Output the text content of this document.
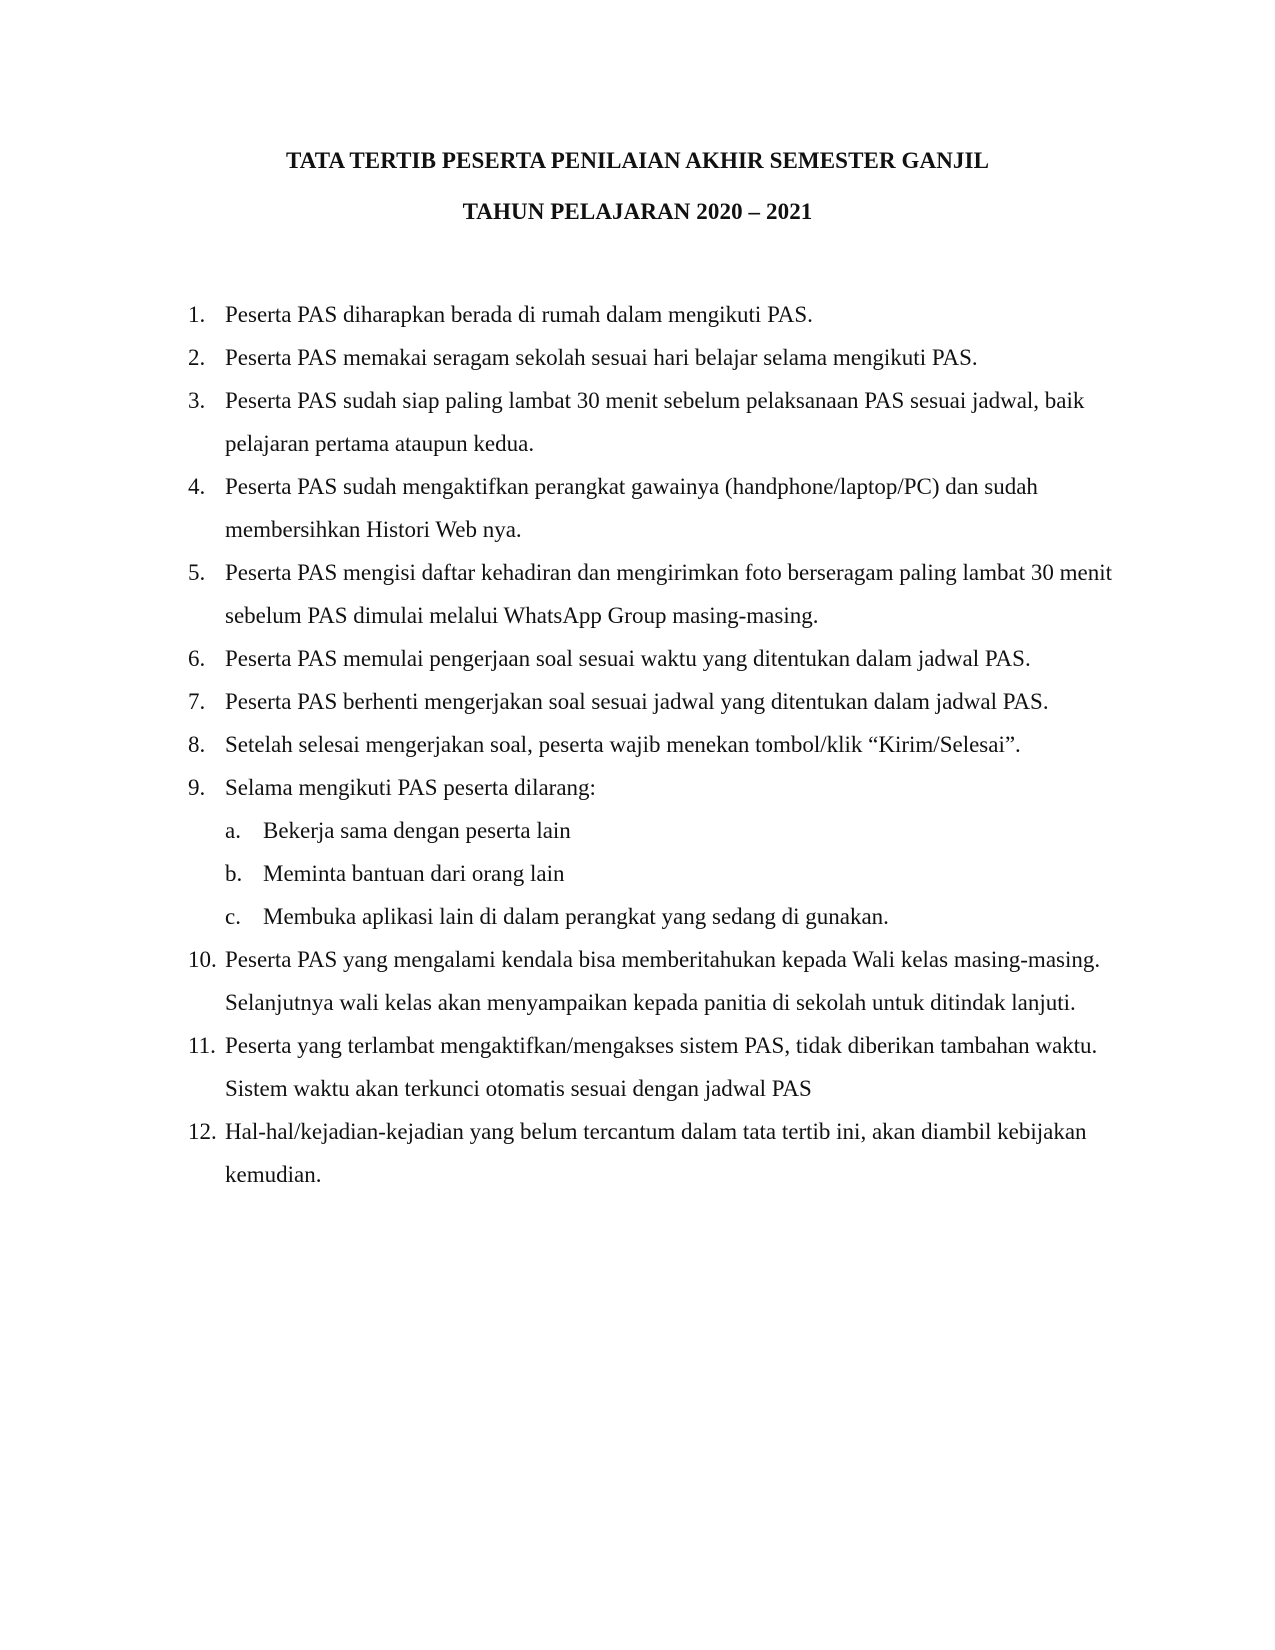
TATA TERTIB PESERTA PENILAIAN AKHIR SEMESTER GANJIL
TAHUN PELAJARAN 2020 – 2021
1. Peserta PAS diharapkan berada di rumah dalam mengikuti PAS.
2. Peserta PAS memakai seragam sekolah sesuai hari belajar selama mengikuti PAS.
3. Peserta PAS sudah siap paling lambat 30 menit sebelum pelaksanaan PAS sesuai jadwal, baik pelajaran pertama ataupun kedua.
4. Peserta PAS sudah mengaktifkan perangkat gawainya (handphone/laptop/PC) dan sudah membersihkan Histori Web nya.
5. Peserta PAS mengisi daftar kehadiran dan mengirimkan foto berseragam paling lambat 30 menit sebelum PAS dimulai melalui WhatsApp Group masing-masing.
6. Peserta PAS memulai pengerjaan soal sesuai waktu yang ditentukan dalam jadwal PAS.
7. Peserta PAS berhenti mengerjakan soal sesuai jadwal yang ditentukan dalam jadwal PAS.
8. Setelah selesai mengerjakan soal, peserta wajib menekan tombol/klik “Kirim/Selesai”.
9. Selama mengikuti PAS peserta dilarang:
a. Bekerja sama dengan peserta lain
b. Meminta bantuan dari orang lain
c. Membuka aplikasi lain di dalam perangkat yang sedang di gunakan.
10. Peserta PAS yang mengalami kendala bisa memberitahukan kepada Wali kelas masing-masing. Selanjutnya wali kelas akan menyampaikan kepada panitia di sekolah untuk ditindak lanjuti.
11. Peserta yang terlambat mengaktifkan/mengakses sistem PAS, tidak diberikan tambahan waktu. Sistem waktu akan terkunci otomatis sesuai dengan jadwal PAS
12. Hal-hal/kejadian-kejadian yang belum tercantum dalam tata tertib ini, akan diambil kebijakan kemudian.
